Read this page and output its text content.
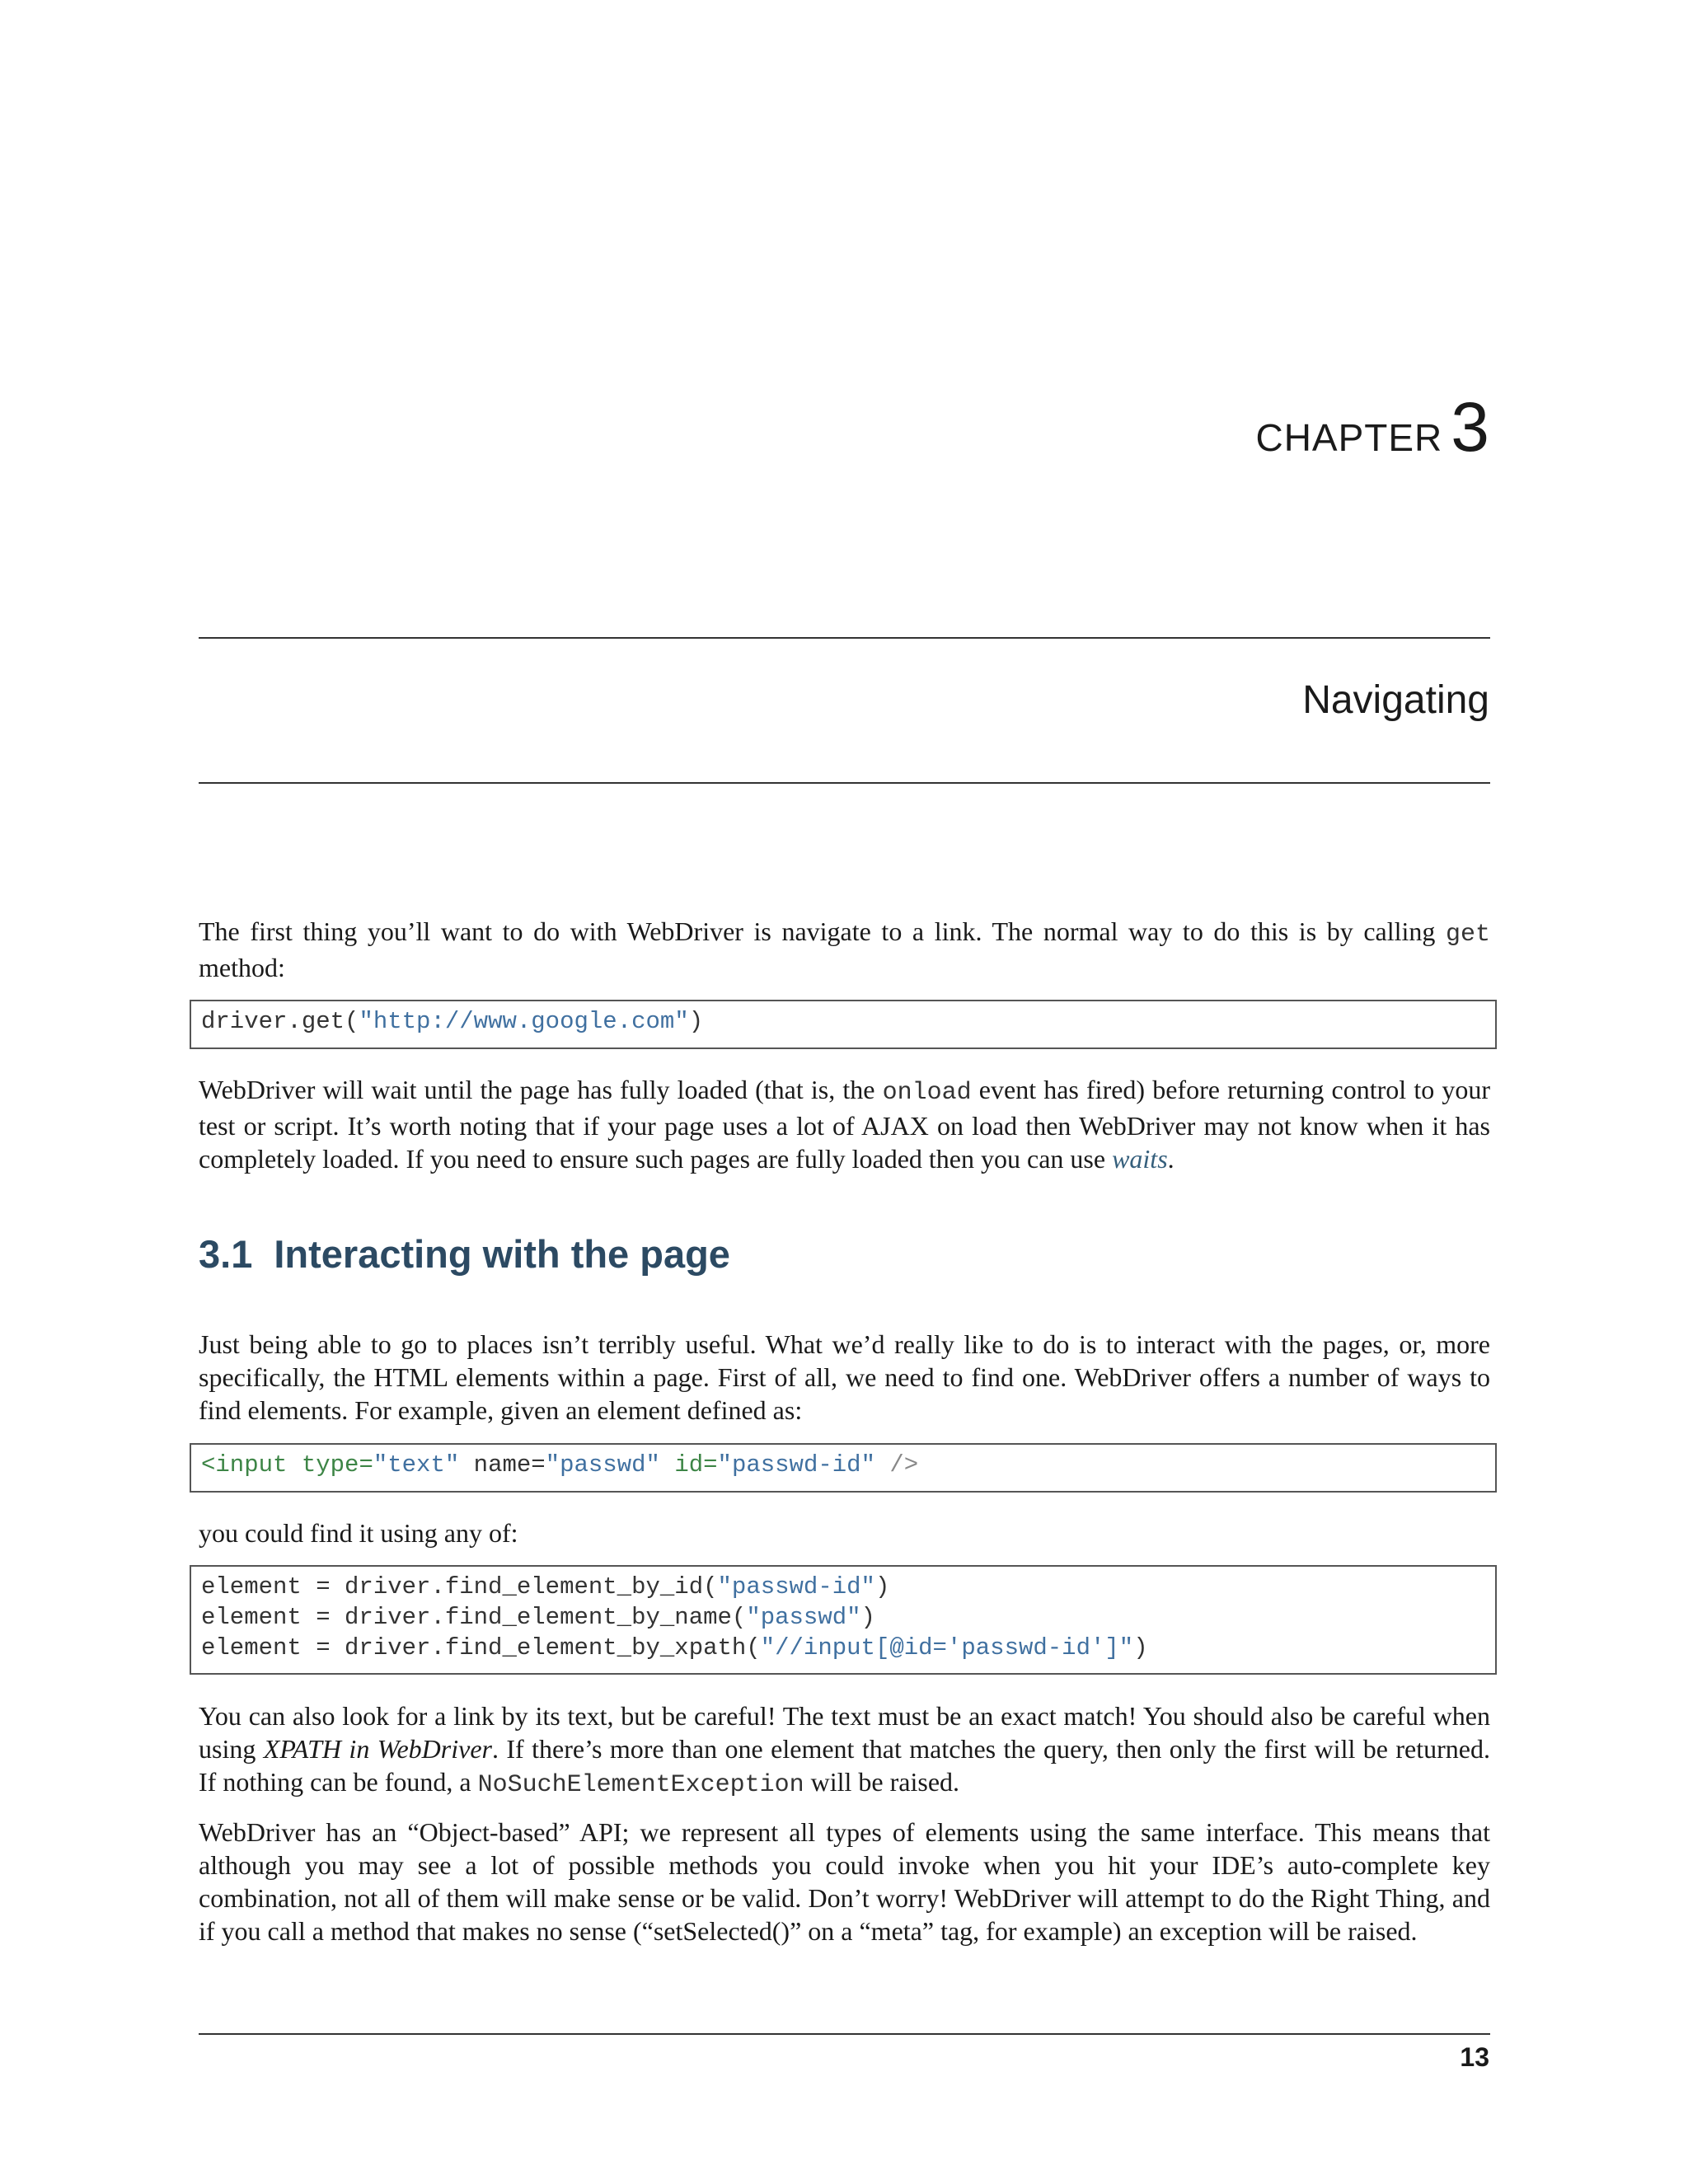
CHAPTER 3
Navigating

The first thing you’ll want to do with WebDriver is navigate to a link. The normal way to do this is by calling get method:

driver.get("http://www.google.com")

WebDriver will wait until the page has fully loaded (that is, the onload event has fired) before returning control to your test or script. It’s worth noting that if your page uses a lot of AJAX on load then WebDriver may not know when it has completely loaded. If you need to ensure such pages are fully loaded then you can use waits.

3.1 Interacting with the page

Just being able to go to places isn’t terribly useful. What we’d really like to do is to interact with the pages, or, more specifically, the HTML elements within a page. First of all, we need to find one. WebDriver offers a number of ways to find elements. For example, given an element defined as:

<input type="text" name="passwd" id="passwd-id" />

you could find it using any of:

element = driver.find_element_by_id("passwd-id")
element = driver.find_element_by_name("passwd")
element = driver.find_element_by_xpath("//input[@id='passwd-id']")

You can also look for a link by its text, but be careful! The text must be an exact match! You should also be careful when using XPATH in WebDriver. If there’s more than one element that matches the query, then only the first will be returned. If nothing can be found, a NoSuchElementException will be raised.

WebDriver has an “Object-based” API; we represent all types of elements using the same interface. This means that although you may see a lot of possible methods you could invoke when you hit your IDE’s auto-complete key combination, not all of them will make sense or be valid. Don’t worry! WebDriver will attempt to do the Right Thing, and if you call a method that makes no sense (“setSelected()” on a “meta” tag, for example) an exception will be raised.

13
